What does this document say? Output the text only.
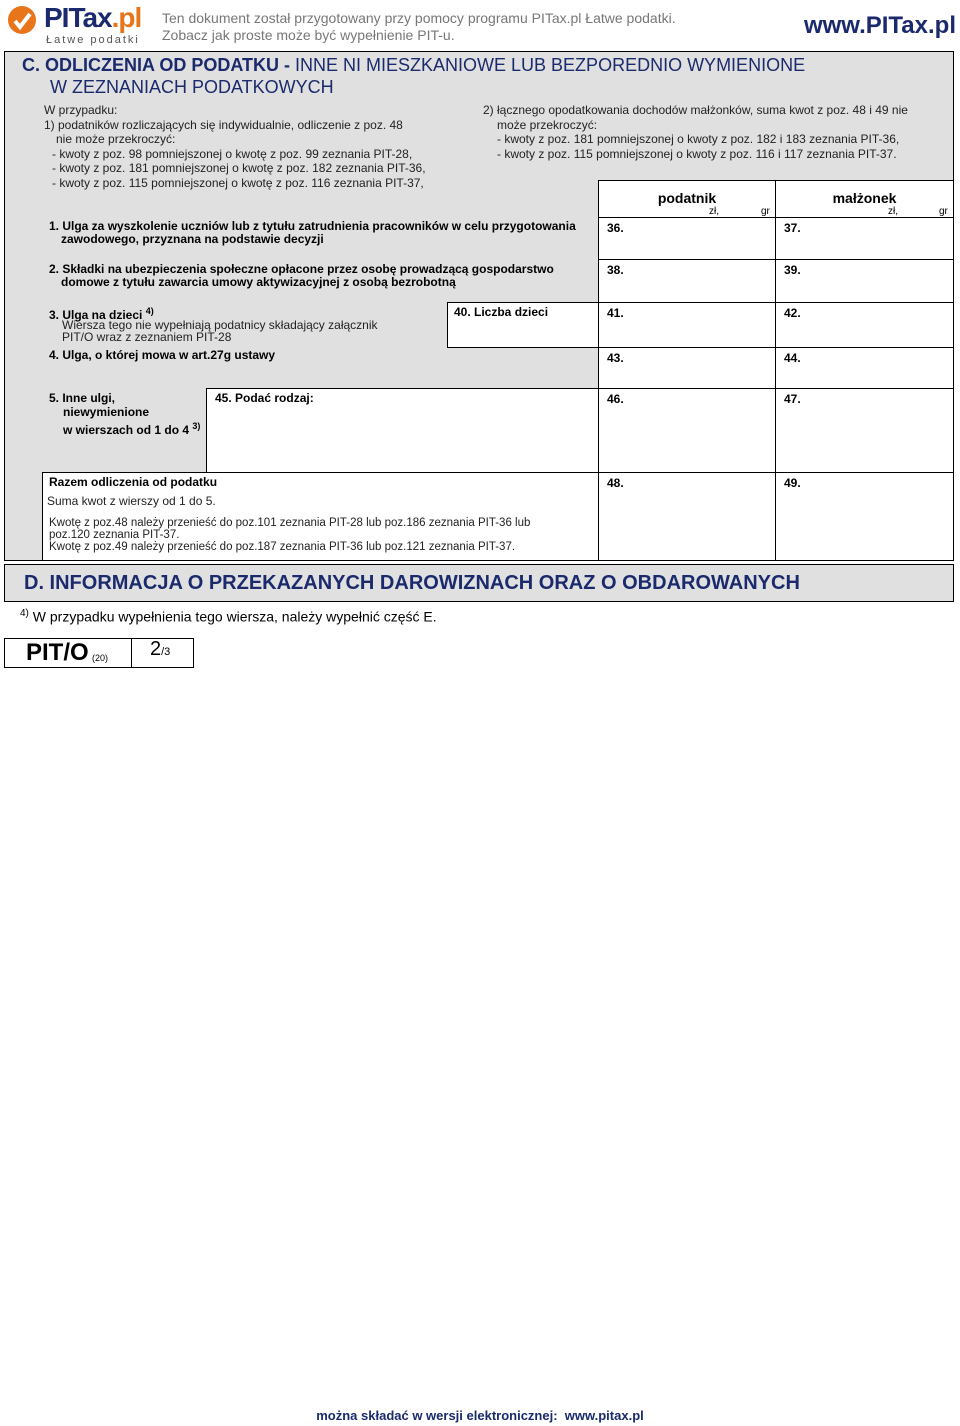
PITax.pl
Łatwe podatki
Ten dokument został przygotowany przy pomocy programu PITax.pl Łatwe podatki.
Zobacz jak proste może być wypełnienie PIT-u.	www.PITax.pl
C. ODLICZENIA OD PODATKU - INNE NI MIESZKANIOWE LUB BEZPOREDNIO WYMIENIONE
W ZEZNANIACH PODATKOWYCH
W przypadku:
1) podatników rozliczających się indywidualnie, odliczenie z poz. 48
nie może przekroczyć:
- kwoty z poz. 98 pomniejszonej o kwotę z poz. 99 zeznania PIT-28,
- kwoty z poz. 181 pomniejszonej o kwotę z poz. 182 zeznania PIT-36,
- kwoty z poz. 115 pomniejszonej o kwotę z poz. 116 zeznania PIT-37,
2) łącznego opodatkowania dochodów małżonków, suma kwot z poz. 48 i 49 nie
może przekroczyć:
- kwoty z poz. 181 pomniejszonej o kwoty z poz. 182 i 183 zeznania PIT-36,
- kwoty z poz. 115 pomniejszonej o kwoty z poz. 116 i 117 zeznania PIT-37.
podatnik
zł,	gr
małżonek
zł,	gr
1. Ulga za wyszkolenie uczniów lub z tytułu zatrudnienia pracowników w celu przygotowania
zawodowego, przyznana na podstawie decyzji
36.	37.
2. Składki na ubezpieczenia społeczne opłacone przez osobę prowadzącą gospodarstwo
domowe z tytułu zawarcia umowy aktywizacyjnej z osobą bezrobotną
38.	39.
3. Ulga na dzieci $^{4)}$
Wiersza tego nie wypełniają podatnicy składający załącznik
PIT/O wraz z zeznaniem PIT-28
40. Liczba dzieci	41.	42.
4. Ulga, o której mowa w art.27g ustawy	43.	44.
5. Inne ulgi,
niewymienione
w wierszach od 1 do 4 $^{3)}$
45. Podać rodzaj:	46.	47.
Razem odliczenia od podatku
Suma kwot z wierszy od 1 do 5.
Kwotę z poz.48 należy przenieść do poz.101 zeznania PIT-28 lub poz.186 zeznania PIT-36 lub
poz.120 zeznania PIT-37.
Kwotę z poz.49 należy przenieść do poz.187 zeznania PIT-36 lub poz.121 zeznania PIT-37.
48.	49.
D. INFORMACJA O PRZEKAZANYCH DAROWIZNACH ORAZ O OBDAROWANYCH
$^{4)}$ W przypadku wypełnienia tego wiersza, należy wypełnić część E.
PIT/O (20) 2/3
można składać w wersji elektronicznej: www.pitax.pl
